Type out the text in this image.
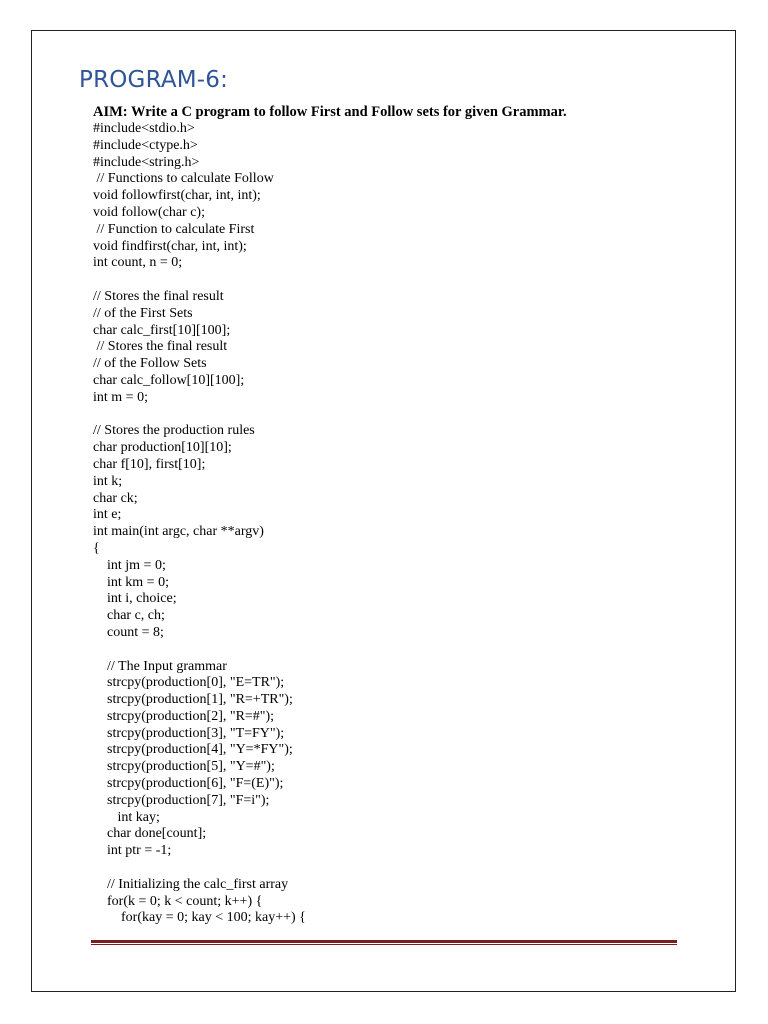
PROGRAM-6:
AIM: Write a C program to follow First and Follow sets for given Grammar.
#include<stdio.h>
#include<ctype.h>
#include<string.h>
// Functions to calculate Follow
void followfirst(char, int, int);
void follow(char c);
// Function to calculate First
void findfirst(char, int, int);
int count, n = 0;
// Stores the final result
// of the First Sets
char calc_first[10][100];
// Stores the final result
// of the Follow Sets
char calc_follow[10][100];
int m = 0;
// Stores the production rules
char production[10][10];
char f[10], first[10];
int k;
char ck;
int e;
int main(int argc, char **argv)
{
int jm = 0;
int km = 0;
int i, choice;
char c, ch;
count = 8;
// The Input grammar
strcpy(production[0], "E=TR");
strcpy(production[1], "R=+TR");
strcpy(production[2], "R=#");
strcpy(production[3], "T=FY");
strcpy(production[4], "Y=*FY");
strcpy(production[5], "Y=#");
strcpy(production[6], "F=(E)");
strcpy(production[7], "F=i");
int kay;
char done[count];
int ptr = -1;
// Initializing the calc_first array
for(k = 0; k < count; k++) {
for(kay = 0; kay < 100; kay++) {
